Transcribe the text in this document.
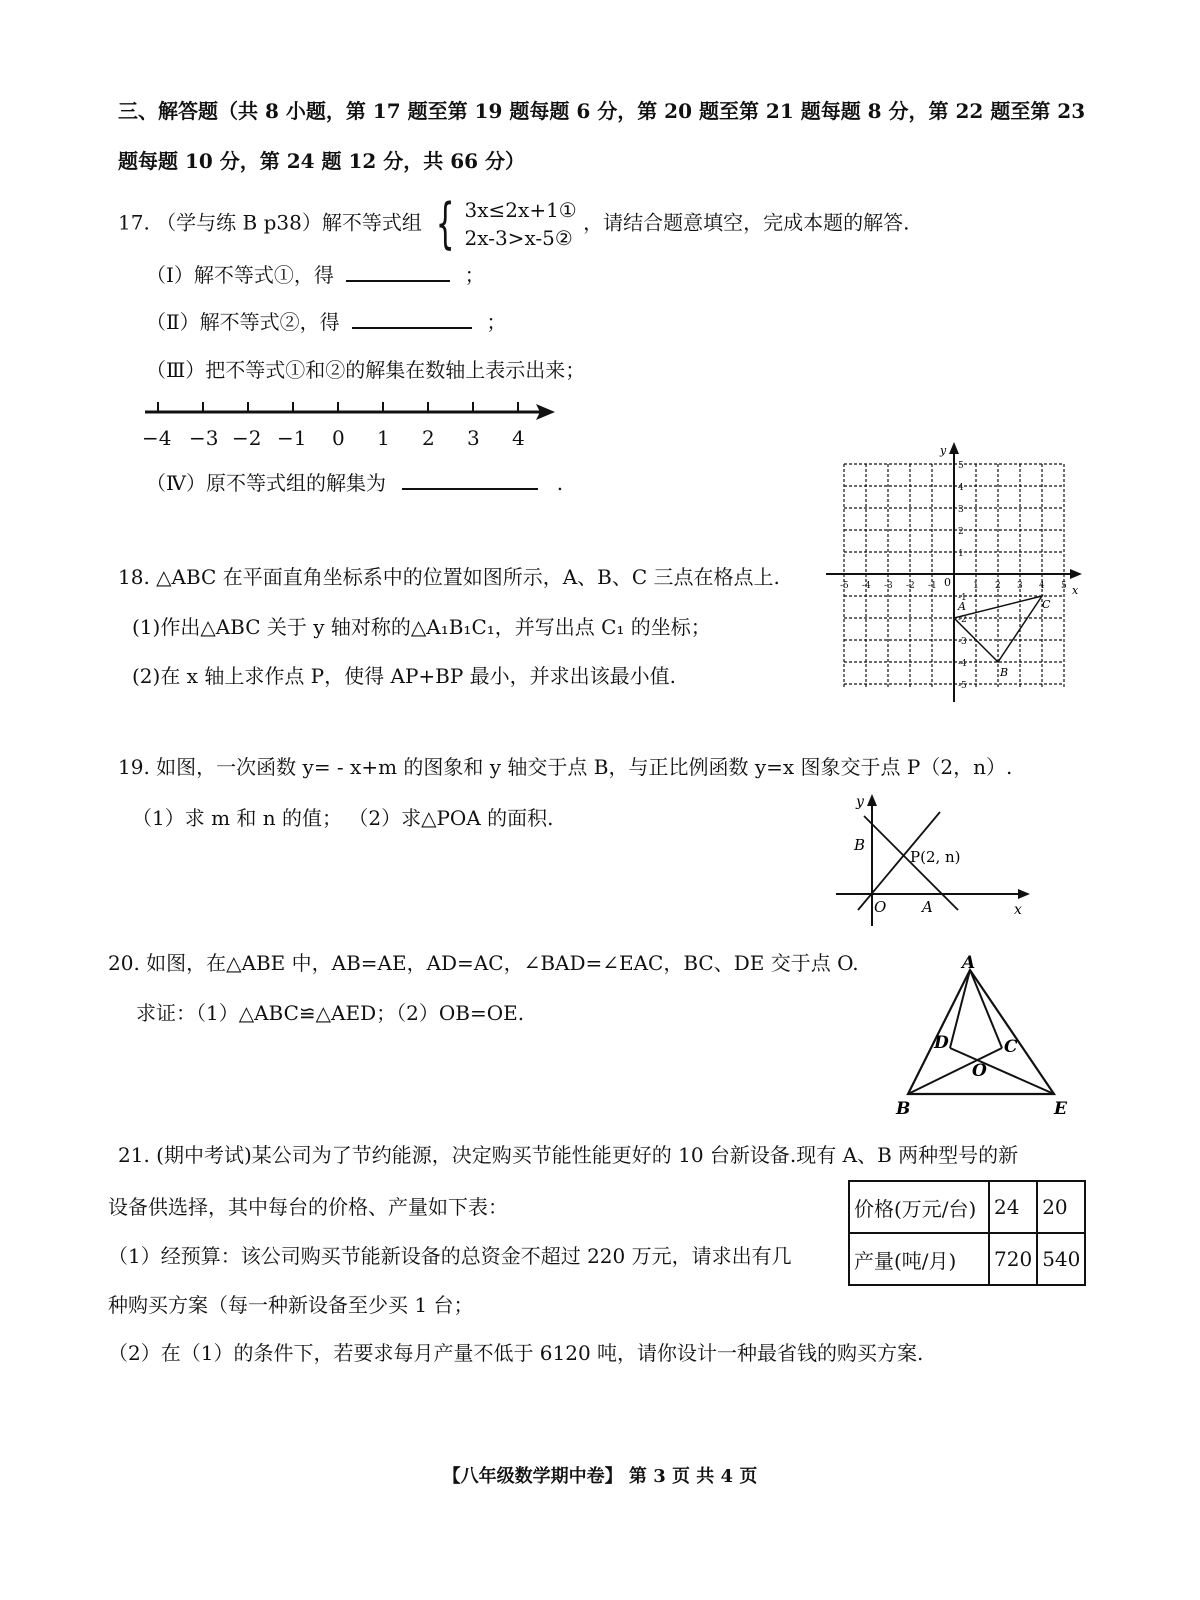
三、解答题（共 8 小题，第 17 题至第 19 题每题 6 分，第 20 题至第 21 题每题 8 分，第 22 题至第 23
题每题 10 分，第 24 题 12 分，共 66 分）
17. （学与练 B p38）解不等式组 { 3x≤2x+1①
2x-3>x-5②
，请结合题意填空，完成本题的解答.
（Ⅰ）解不等式①，得	；
（Ⅱ）解不等式②，得	；
（Ⅲ）把不等式①和②的解集在数轴上表示出来；
−4 −3 −2 −1 0 1 2 3 4
（Ⅳ）原不等式组的解集为	.
-5 -4 -3 -2 -1	1 2 3 4 5
5
4
3
2
1
-1
-2
-3
-4
-5
0
x
y
A
B
C
18. △ABC 在平面直角坐标系中的位置如图所示，A、B、C 三点在格点上.
(1)作出△ABC 关于 y 轴对称的△A₁B₁C₁，并写出点 C₁ 的坐标；
(2)在 x 轴上求作点 P，使得 AP+BP 最小，并求出该最小值.
19. 如图，一次函数 y= - x+m 的图象和 y 轴交于点 B，与正比例函数 y=x 图象交于点 P（2，n）.
（1）求 m 和 n 的值； （2）求△POA 的面积.
y
x
B
O A
P(2, n)
20. 如图，在△ABE 中，AB=AE，AD=AC，∠BAD=∠EAC，BC、DE 交于点 O.
求证：（1）△ABC≌△AED；（2）OB=OE.
A
B	E
D	C
O
21. (期中考试)某公司为了节约能源，决定购买节能性能更好的 10 台新设备.现有 A、B 两种型号的新
设备供选择，其中每台的价格、产量如下表：
（1）经预算：该公司购买节能新设备的总资金不超过 220 万元，请求出有几
种购买方案（每一种新设备至少买 1 台；
（2）在（1）的条件下，若要求每月产量不低于 6120 吨，请你设计一种最省钱的购买方案.
价格(万元/台)	24	20
产量(吨/月)	720	540
【八年级数学期中卷】 第 3 页 共 4 页
